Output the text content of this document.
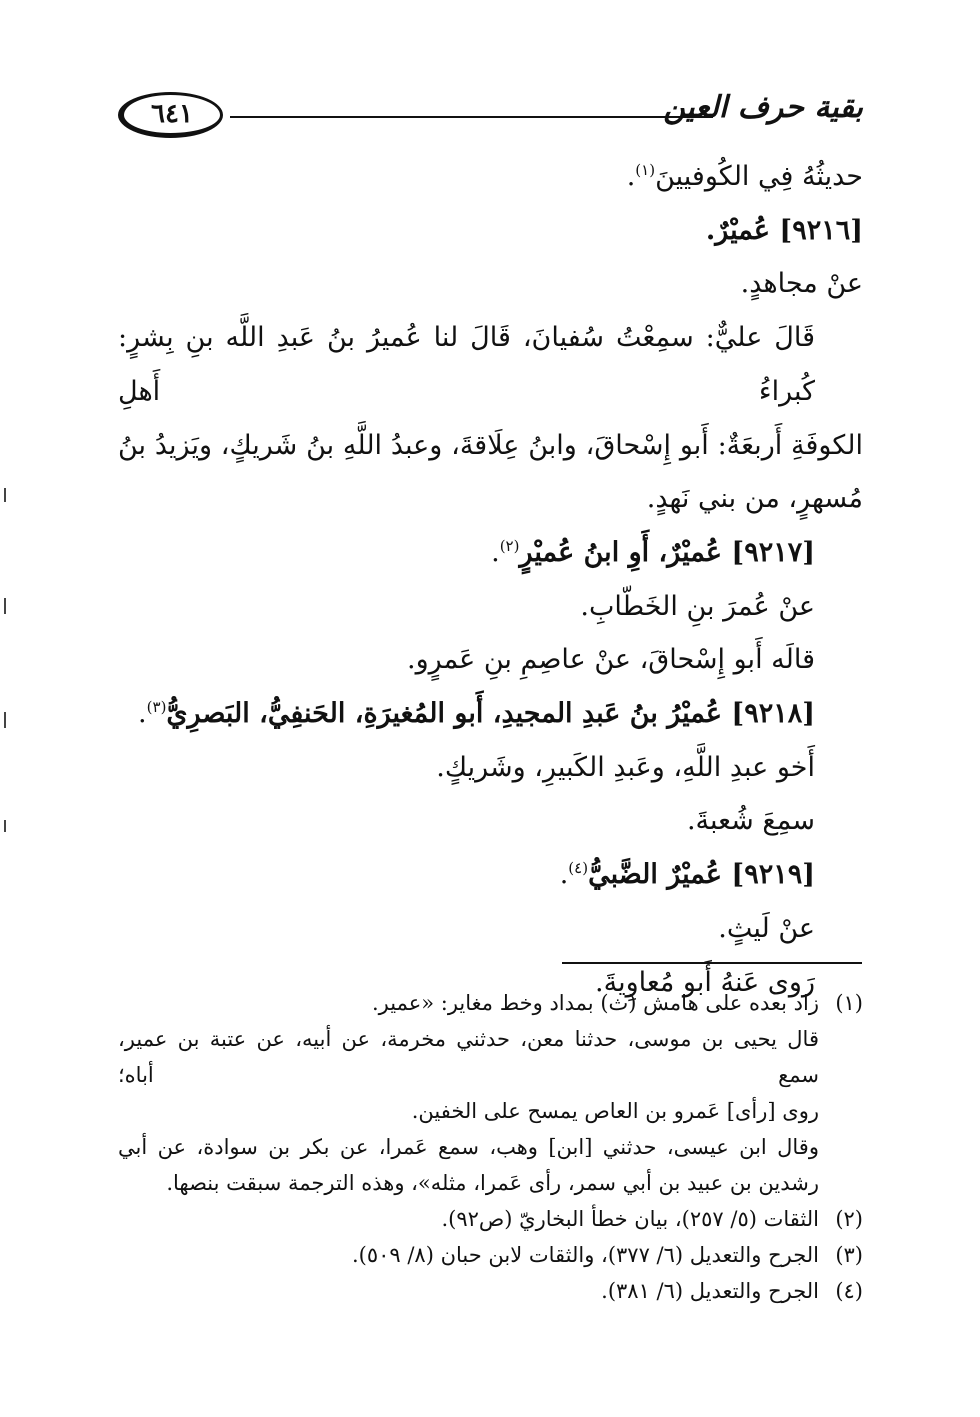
٦٤١	بقية حرف العين
حديثُهُ فِي الكُوفيينَ$^{(١)}$.
[٩٢١٦] عُميْرٌ.
عنْ مجاهدٍ.
قَالَ عليٌّ: سمِعْتُ سُفيانَ، قَالَ لنا عُميرُ بنُ عَبدِ اللَّه بنِ بِشرٍ: كُبراءُ أَهلِ
الكوفَةِ أَربعَةٌ: أَبو إِسْحاقَ، وابنُ عِلَاقةَ، وعبدُ اللَّهِ بنُ شَريكٍ، ويَزيدُ بنُ
مُسهرٍ، من بني نَهدٍ.
[٩٢١٧] عُميْرٌ، أَوِ ابنُ عُميْرٍ$^{(٢)}$.
عنْ عُمرَ بنِ الخَطّابِ.
قالَه أَبو إِسْحاقَ، عنْ عاصِمِ بنِ عَمرٍو.
[٩٢١٨] عُميْرُ بنُ عَبدِ المجيدِ، أَبو المُغيرَةِ، الحَنفِيُّ، البَصرِيُّ$^{(٣)}$.
أَخو عبدِ اللَّهِ، وعَبدِ الكَبيرِ، وشَريكٍ.
سمِعَ شُعبةَ.
[٩٢١٩] عُميْرٌ الضَّبيُّ$^{(٤)}$.
عنْ لَيثٍ.
رَوى عَنهُ أَبو مُعاوِيةَ.
(١)
زاد بعده على هامش (ث) بمداد وخط مغاير: «عمير.
قال يحيى بن موسى، حدثنا معن، حدثني مخرمة، عن أبيه، عن عتبة بن عمير، سمع أباه؛
روى [رأى] عَمرو بن العاص يمسح على الخفين.
وقال ابن عيسى، حدثني [ابن] وهب، سمع عَمرا، عن بكر بن سوادة، عن أبي
رشدين بن عبيد بن أبي سمر، رأى عَمرا، مثله»، وهذه الترجمة سبقت بنصها.
(٢)
الثقات (٥/ ٢٥٧)، بيان خطأ البخاريّ (ص٩٢).
(٣)
الجرح والتعديل (٦/ ٣٧٧)، والثقات لابن حبان (٨/ ٥٠٩).
(٤)
الجرح والتعديل (٦/ ٣٨١).
